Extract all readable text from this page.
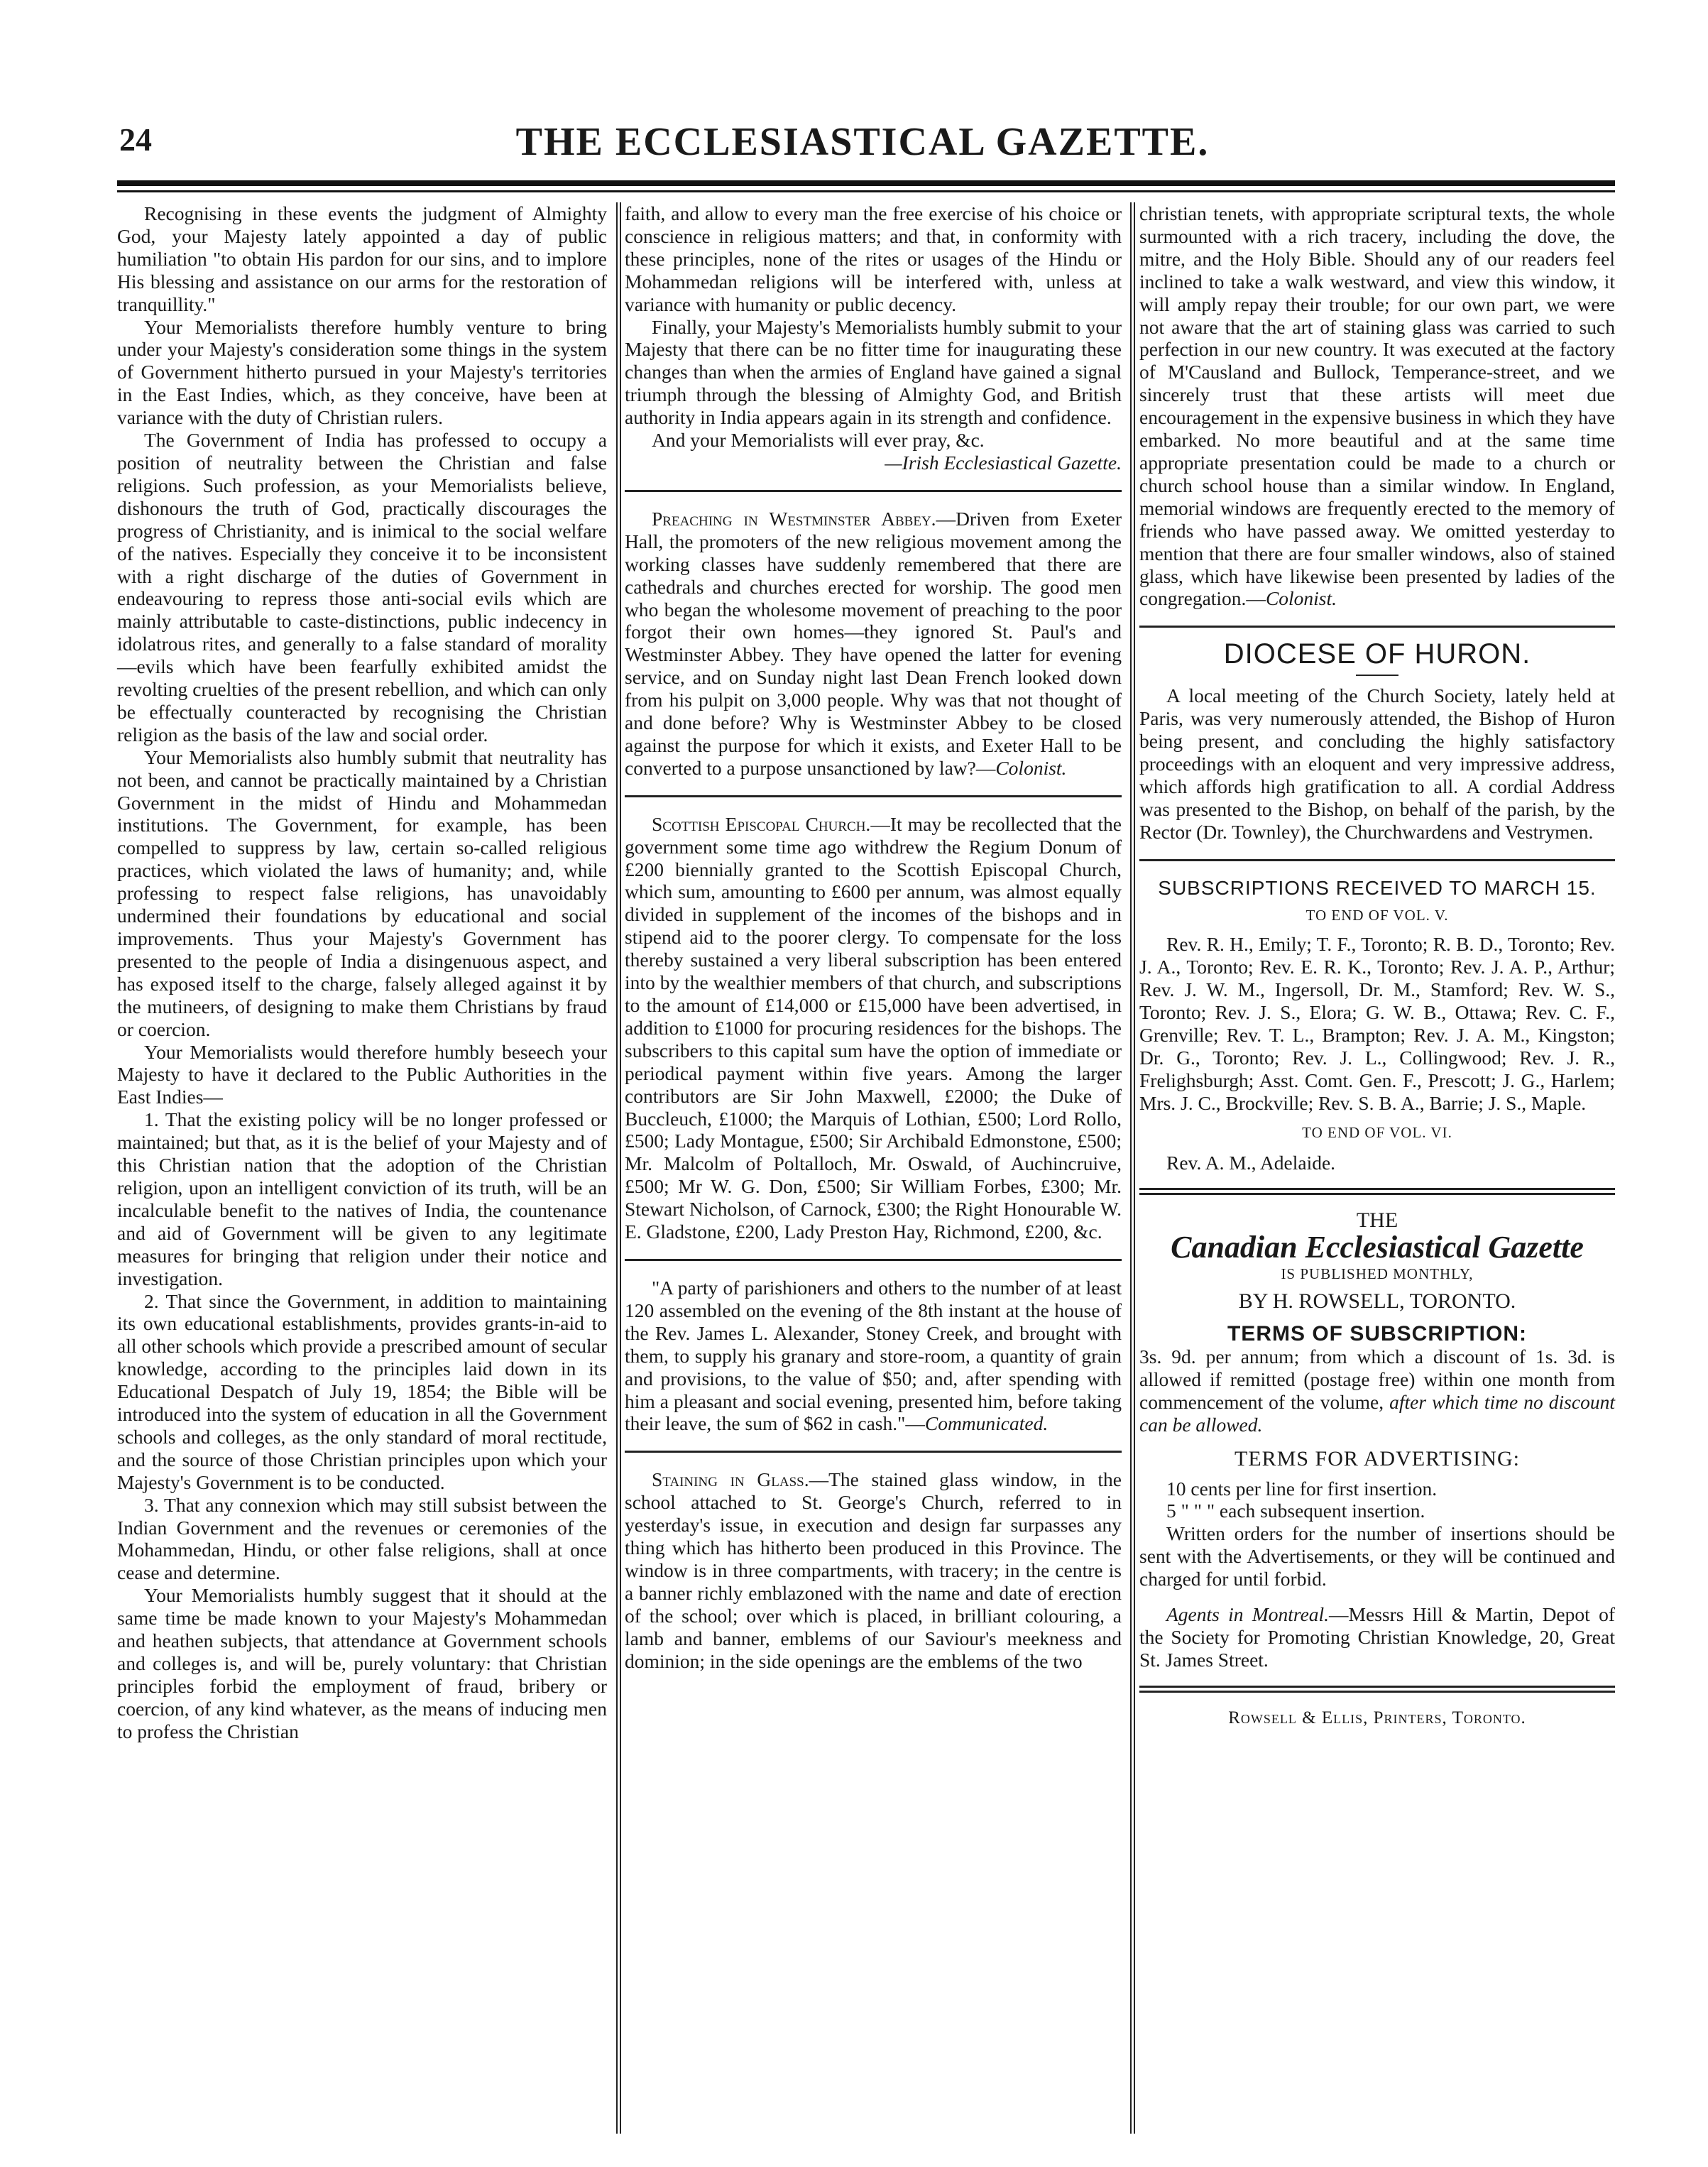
24	THE ECCLESIASTICAL GAZETTE.

Recognising in these events the judgment of Almighty God, your Majesty lately appointed a day of public humiliation "to obtain His pardon for our sins, and to implore His blessing and assistance on our arms for the restoration of tranquillity."

Your Memorialists therefore humbly venture to bring under your Majesty's consideration some things in the system of Government hitherto pursued in your Majesty's territories in the East Indies, which, as they conceive, have been at variance with the duty of Christian rulers.

The Government of India has professed to occupy a position of neutrality between the Christian and false religions. Such profession, as your Memorialists believe, dishonours the truth of God, practically discourages the progress of Christianity, and is inimical to the social welfare of the natives. Especially they conceive it to be inconsistent with a right discharge of the duties of Government in endeavouring to repress those anti-social evils which are mainly attributable to caste-distinctions, public indecency in idolatrous rites, and generally to a false standard of morality—evils which have been fearfully exhibited amidst the revolting cruelties of the present rebellion, and which can only be effectually counteracted by recognising the Christian religion as the basis of the law and social order.

Your Memorialists also humbly submit that neutrality has not been, and cannot be practically maintained by a Christian Government in the midst of Hindu and Mohammedan institutions. The Government, for example, has been compelled to suppress by law, certain so-called religious practices, which violated the laws of humanity; and, while professing to respect false religions, has unavoidably undermined their foundations by educational and social improvements. Thus your Majesty's Government has presented to the people of India a disingenuous aspect, and has exposed itself to the charge, falsely alleged against it by the mutineers, of designing to make them Christians by fraud or coercion.

Your Memorialists would therefore humbly beseech your Majesty to have it declared to the Public Authorities in the East Indies—

1. That the existing policy will be no longer professed or maintained; but that, as it is the belief of your Majesty and of this Christian nation that the adoption of the Christian religion, upon an intelligent conviction of its truth, will be an incalculable benefit to the natives of India, the countenance and aid of Government will be given to any legitimate measures for bringing that religion under their notice and investigation.

2. That since the Government, in addition to maintaining its own educational establishments, provides grants-in-aid to all other schools which provide a prescribed amount of secular knowledge, according to the principles laid down in its Educational Despatch of July 19, 1854; the Bible will be introduced into the system of education in all the Government schools and colleges, as the only standard of moral rectitude, and the source of those Christian principles upon which your Majesty's Government is to be conducted.

3. That any connexion which may still subsist between the Indian Government and the revenues or ceremonies of the Mohammedan, Hindu, or other false religions, shall at once cease and determine.

Your Memorialists humbly suggest that it should at the same time be made known to your Majesty's Mohammedan and heathen subjects, that attendance at Government schools and colleges is, and will be, purely voluntary: that Christian principles forbid the employment of fraud, bribery or coercion, of any kind whatever, as the means of inducing men to profess the Christian

faith, and allow to every man the free exercise of his choice or conscience in religious matters; and that, in conformity with these principles, none of the rites or usages of the Hindu or Mohammedan religions will be interfered with, unless at variance with humanity or public decency.

Finally, your Majesty's Memorialists humbly submit to your Majesty that there can be no fitter time for inaugurating these changes than when the armies of England have gained a signal triumph through the blessing of Almighty God, and British authority in India appears again in its strength and confidence.

And your Memorialists will ever pray, &c.

—Irish Ecclesiastical Gazette.

Preaching in Westminster Abbey.—Driven from Exeter Hall, the promoters of the new religious movement among the working classes have suddenly remembered that there are cathedrals and churches erected for worship. The good men who began the wholesome movement of preaching to the poor forgot their own homes—they ignored St. Paul's and Westminster Abbey. They have opened the latter for evening service, and on Sunday night last Dean French looked down from his pulpit on 3,000 people. Why was that not thought of and done before? Why is Westminster Abbey to be closed against the purpose for which it exists, and Exeter Hall to be converted to a purpose unsanctioned by law?—Colonist.

Scottish Episcopal Church.—It may be recollected that the government some time ago withdrew the Regium Donum of £200 biennially granted to the Scottish Episcopal Church, which sum, amounting to £600 per annum, was almost equally divided in supplement of the incomes of the bishops and in stipend aid to the poorer clergy. To compensate for the loss thereby sustained a very liberal subscription has been entered into by the wealthier members of that church, and subscriptions to the amount of £14,000 or £15,000 have been advertised, in addition to £1000 for procuring residences for the bishops. The subscribers to this capital sum have the option of immediate or periodical payment within five years. Among the larger contributors are Sir John Maxwell, £2000; the Duke of Buccleuch, £1000; the Marquis of Lothian, £500; Lord Rollo, £500; Lady Montague, £500; Sir Archibald Edmonstone, £500; Mr. Malcolm of Poltalloch, Mr. Oswald, of Auchincruive, £500; Mr W. G. Don, £500; Sir William Forbes, £300; Mr. Stewart Nicholson, of Carnock, £300; the Right Honourable W. E. Gladstone, £200, Lady Preston Hay, Richmond, £200, &c.

"A party of parishioners and others to the number of at least 120 assembled on the evening of the 8th instant at the house of the Rev. James L. Alexander, Stoney Creek, and brought with them, to supply his granary and store-room, a quantity of grain and provisions, to the value of $50; and, after spending with him a pleasant and social evening, presented him, before taking their leave, the sum of $62 in cash."—Communicated.

Staining in Glass.—The stained glass window, in the school attached to St. George's Church, referred to in yesterday's issue, in execution and design far surpasses any thing which has hitherto been produced in this Province. The window is in three compartments, with tracery; in the centre is a banner richly emblazoned with the name and date of erection of the school; over which is placed, in brilliant colouring, a lamb and banner, emblems of our Saviour's meekness and dominion; in the side openings are the emblems of the two

christian tenets, with appropriate scriptural texts, the whole surmounted with a rich tracery, including the dove, the mitre, and the Holy Bible. Should any of our readers feel inclined to take a walk westward, and view this window, it will amply repay their trouble; for our own part, we were not aware that the art of staining glass was carried to such perfection in our new country. It was executed at the factory of M'Causland and Bullock, Temperance-street, and we sincerely trust that these artists will meet due encouragement in the expensive business in which they have embarked. No more beautiful and at the same time appropriate presentation could be made to a church or church school house than a similar window. In England, memorial windows are frequently erected to the memory of friends who have passed away. We omitted yesterday to mention that there are four smaller windows, also of stained glass, which have likewise been presented by ladies of the congregation.—Colonist.

DIOCESE OF HURON.

A local meeting of the Church Society, lately held at Paris, was very numerously attended, the Bishop of Huron being present, and concluding the highly satisfactory proceedings with an eloquent and very impressive address, which affords high gratification to all. A cordial Address was presented to the Bishop, on behalf of the parish, by the Rector (Dr. Townley), the Churchwardens and Vestrymen.

SUBSCRIPTIONS RECEIVED TO MARCH 15.
TO END OF VOL. V.

Rev. R. H., Emily; T. F., Toronto; R. B. D., Toronto; Rev. J. A., Toronto; Rev. E. R. K., Toronto; Rev. J. A. P., Arthur; Rev. J. W. M., Ingersoll, Dr. M., Stamford; Rev. W. S., Toronto; Rev. J. S., Elora; G. W. B., Ottawa; Rev. C. F., Grenville; Rev. T. L., Brampton; Rev. J. A. M., Kingston; Dr. G., Toronto; Rev. J. L., Collingwood; Rev. J. R., Frelighsburgh; Asst. Comt. Gen. F., Prescott; J. G., Harlem; Mrs. J. C., Brockville; Rev. S. B. A., Barrie; J. S., Maple.

TO END OF VOL. VI.

Rev. A. M., Adelaide.

THE
Canadian Ecclesiastical Gazette
IS PUBLISHED MONTHLY,
BY H. ROWSELL, TORONTO.
TERMS OF SUBSCRIPTION:

3s. 9d. per annum; from which a discount of 1s. 3d. is allowed if remitted (postage free) within one month from commencement of the volume, after which time no discount can be allowed.

TERMS FOR ADVERTISING:

10 cents per line for first insertion.

5 " " " each subsequent insertion.

Written orders for the number of insertions should be sent with the Advertisements, or they will be continued and charged for until forbid.

Agents in Montreal.—Messrs Hill & Martin, Depot of the Society for Promoting Christian Knowledge, 20, Great St. James Street.

Rowsell & Ellis, Printers, Toronto.
